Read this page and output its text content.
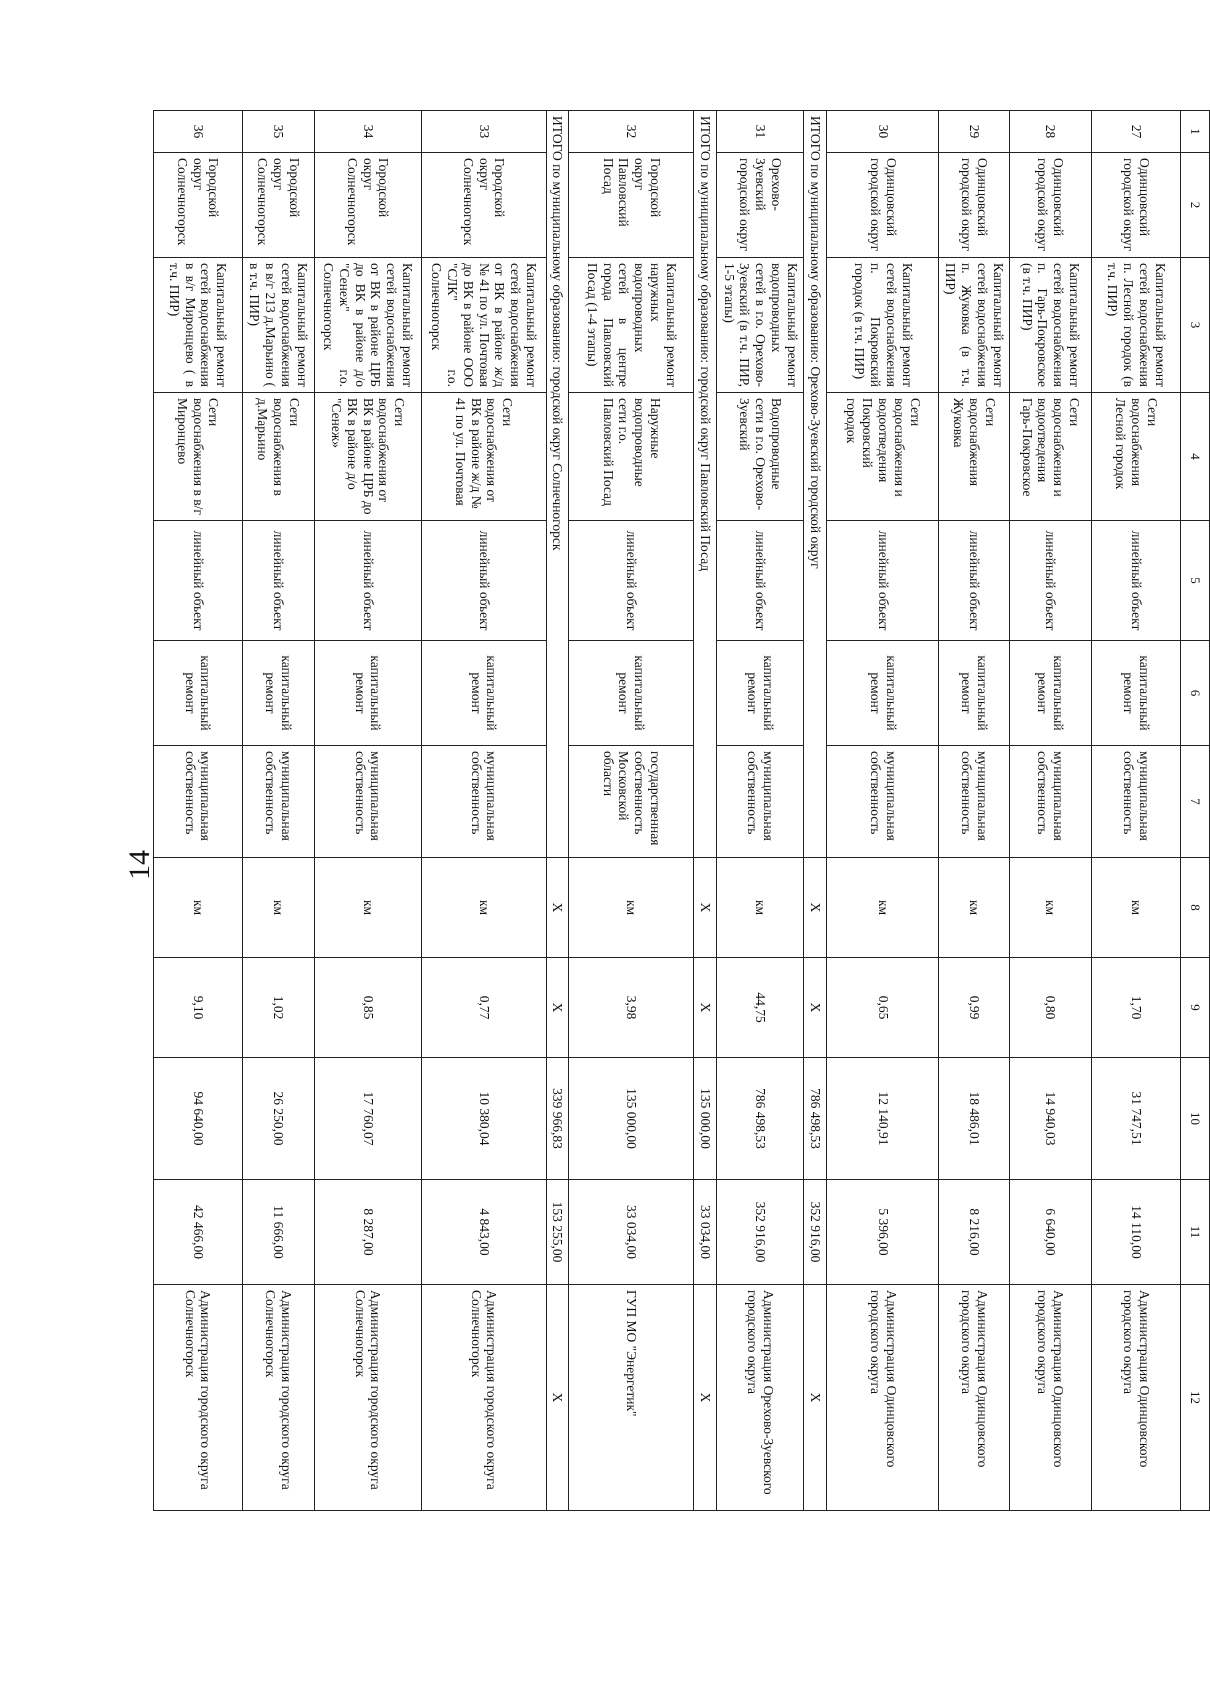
14
1	2	3	4	5	6	7	8	9	10	11	12
27	Одинцовский городской округ	Капитальный ремонт сетей водоснабжения п. Лесной городок (в т.ч. ПИР)	Сети водоснабжения Лесной городок	линейный объект	капитальный ремонт	муниципальная собственность	км	1,70	31 747,51	14 110,00	Администрация Одинцовского городского округа
28	Одинцовский городской округ	Капитальный ремонт сетей водоснабжения п. Гарь-Покровское (в т.ч. ПИР)	Сети водоснабжения и водоотведения Гарь-Покровское	линейный объект	капитальный ремонт	муниципальная собственность	км	0,80	14 940,03	6 640,00	Администрация Одинцовского городского округа
29	Одинцовский городской округ	Капитальный ремонт сетей водоснабжения п. Жуковка (в т.ч. ПИР)	Сети водоснабжения Жуковка	линейный объект	капитальный ремонт	муниципальная собственность	км	0,99	18 486,01	8 216,00	Администрация Одинцовского городского округа
30	Одинцовский городской округ	Капитальный ремонт сетей водоснабжения п. Покровский городок (в т.ч. ПИР)	Сети водоснабжения и водоотведения Покровский городок	линейный объект	капитальный ремонт	муниципальная собственность	км	0,65	12 140,91	5 396,00	Администрация Одинцовского городского округа
ИТОГО по муниципальному образованию: Орехово-Зуевский городской округ							Х	Х	786 498,53	352 916,00	Х
31	Орехово-Зуевский городской округ	Капитальный ремонт водопроводных сетей в г.о. Орехово-Зуевский (в т.ч. ПИР, 1-5 этапы)	Водопроводные сети в г.о. Орехово-Зуевский	линейный объект	капитальный ремонт	муниципальная собственность	км	44,75	786 498,53	352 916,00	Администрация Орехово-Зуевского городского округа
ИТОГО по муниципальному образованию: городской округ Павловский Посад							Х	Х	135 000,00	33 034,00	Х
32	Городской округ Павловский Посад	Капитальный ремонт наружных водопроводных сетей в центре города Павловский Посад (1-4 этапы)	Наружные водопроводные сети г.о. Павловский Посад	линейный объект	капитальный ремонт	государственная собственность Московской области	км	3,98	135 000,00	33 034,00	ГУП МО "Энергетик"
ИТОГО по муниципальному образованию: городской округ Солнечногорск							Х	Х	339 966,83	153 255,00	Х
33	Городской округ Солнечногорск	Капитальный ремонт сетей водоснабжения от ВК в районе ж/д № 41 по ул. Почтовая до ВК в районе ООО "СЛК" г.о. Солнечногорск	Сети водоснабжения от ВК в районе ж/д № 41 по ул. Почтовая	линейный объект	капитальный ремонт	муниципальная собственность	км	0,77	10 380,04	4 843,00	Администрация городского округа Солнечногорск
34	Городской округ Солнечногорск	Капитальный ремонт сетей водоснабжения от ВК в районе ЦРБ до ВК в районе д/о "Сенеж" г.о. Солнечногорск	Сети водоснабжения от ВК в районе ЦРБ до ВК в районе д/о "Сенеж»	линейный объект	капитальный ремонт	муниципальная собственность	км	0,85	17 760,07	8 287,00	Администрация городского округа Солнечногорск
35	Городской округ Солнечногорск	Капитальный ремонт сетей водоснабжения в в/г 213 д.Марьино ( в т.ч. ПИР)	Сети водоснабжения в д.Марьино	линейный объект	капитальный ремонт	муниципальная собственность	км	1,02	26 250,00	11 666,00	Администрация городского округа Солнечногорск
36	Городской округ Солнечногорск	Капитальный ремонт сетей водоснабжения в в/г Миронцево ( в т.ч. ПИР)	Сети водоснабжения в в/г Миронцево	линейный объект	капитальный ремонт	муниципальная собственность	км	9,10	94 640,00	42 466,00	Администрация городского округа Солнечногорск
